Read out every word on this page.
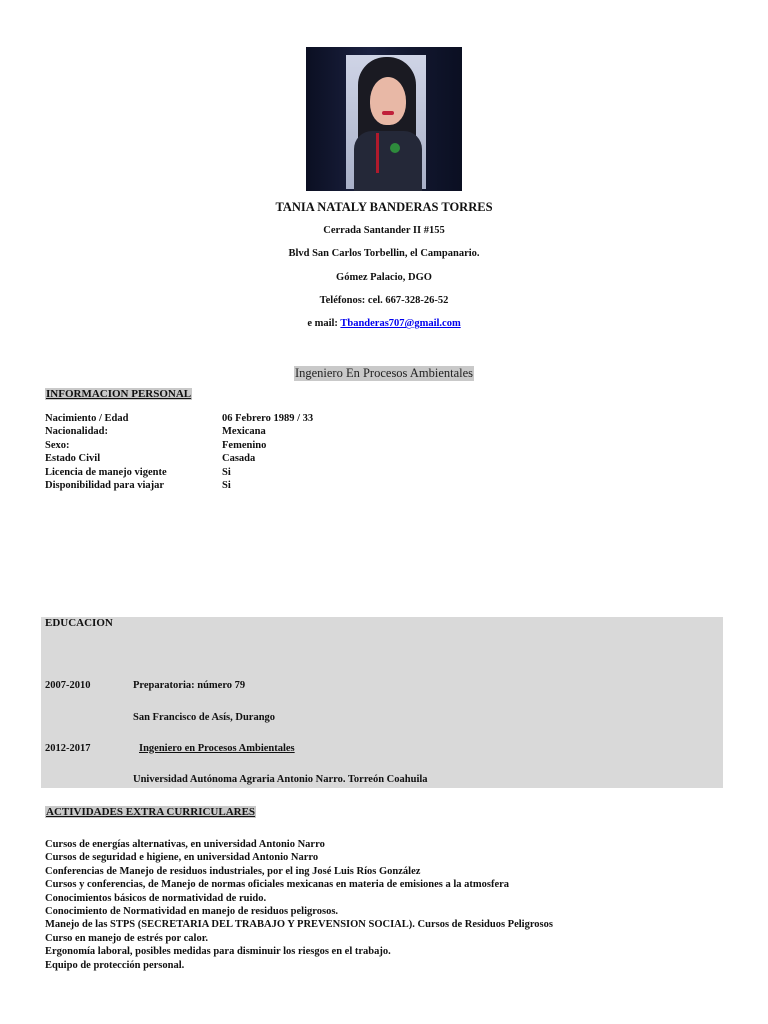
TANIA NATALY BANDERAS TORRES
Cerrada Santander II #155
Blvd San Carlos Torbellin, el Campanario.
Gómez Palacio, DGO
Teléfonos: cel. 667-328-26-52
e mail: Tbanderas707@gmail.com
Ingeniero En Procesos Ambientales
INFORMACION PERSONAL
Nacimiento / Edad	06 Febrero 1989 / 33
Nacionalidad:	Mexicana
Sexo:	Femenino
Estado Civil	Casada
Licencia de manejo vigente	Si
Disponibilidad para viajar	Si
EDUCACION
2007-2010	Preparatoria: número 79
San Francisco de Asís, Durango
2012-2017	Ingeniero en Procesos Ambientales
Universidad Autónoma Agraria Antonio Narro. Torreón Coahuila
ACTIVIDADES EXTRA CURRICULARES
Cursos de energías alternativas, en universidad Antonio Narro
Cursos de seguridad e higiene, en universidad Antonio Narro
Conferencias de Manejo de residuos industriales, por el ing José Luis Ríos González
Cursos y conferencias, de Manejo de normas oficiales mexicanas en materia de emisiones a la atmosfera
Conocimientos básicos de normatividad de ruido.
Conocimiento de Normatividad en manejo de residuos peligrosos.
Manejo de las STPS (SECRETARIA DEL TRABAJO Y PREVENSION SOCIAL). Cursos de Residuos Peligrosos
Curso en manejo de estrés por calor.
Ergonomía laboral, posibles medidas para disminuir los riesgos en el trabajo.
Equipo de protección personal.
